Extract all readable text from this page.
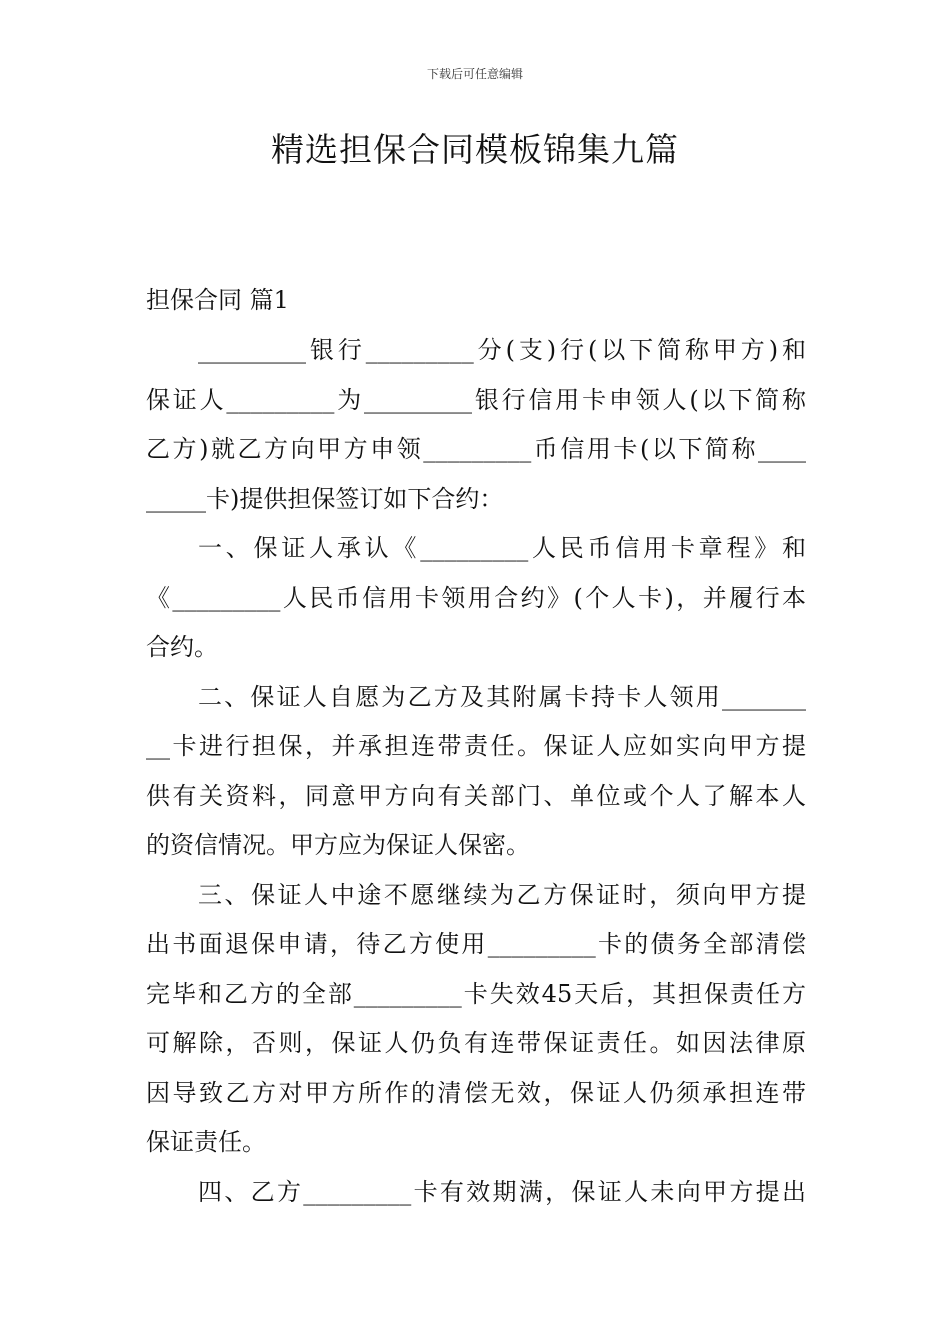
下载后可任意编辑
精选担保合同模板锦集九篇
担保合同 篇1
_________银行_________分(支)行(以下简称甲方)和
保证人_________为_________银行信用卡申领人(以下简称
乙方)就乙方向甲方申领_________币信用卡(以下简称____
_____卡)提供担保签订如下合约：
一、保证人承认《_________人民币信用卡章程》和
《_________人民币信用卡领用合约》(个人卡)，并履行本
合约。
二、保证人自愿为乙方及其附属卡持卡人领用_______
__卡进行担保，并承担连带责任。保证人应如实向甲方提
供有关资料，同意甲方向有关部门、单位或个人了解本人
的资信情况。甲方应为保证人保密。
三、保证人中途不愿继续为乙方保证时，须向甲方提
出书面退保申请，待乙方使用_________卡的债务全部清偿
完毕和乙方的全部_________卡失效45天后，其担保责任方
可解除，否则，保证人仍负有连带保证责任。如因法律原
因导致乙方对甲方所作的清偿无效，保证人仍须承担连带
保证责任。
四、乙方_________卡有效期满，保证人未向甲方提出
